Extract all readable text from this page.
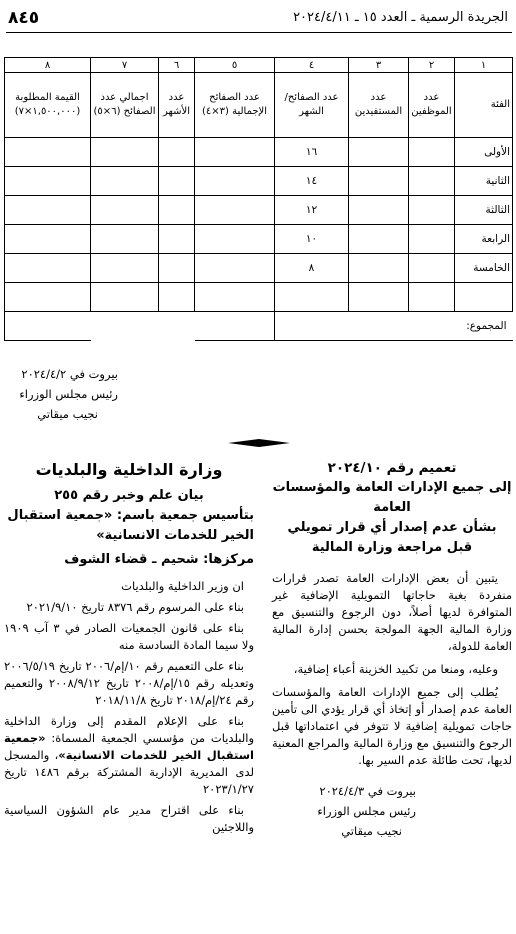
الجريدة الرسمية ـ العدد ١٥ ـ ٢٠٢٤/٤/١١
٨٤٥
١	٢	٣	٤	٥	٦	٧	٨
الفئة	عدد الموظفين	عدد المستفيدين	عدد الصفائح/الشهر	عدد الصفائح الإجمالية (٣×٤)	عدد الأشهر	اجمالي عدد الصفائح (٦×٥)	القيمة المطلوبة (١,٥٠٠,٠٠٠×٧)
الأولى			١٦				
الثانية			١٤				
الثالثة			١٢				
الرابعة			١٠				
الخامسة			٨				

المجموع:							
بيروت في ٢٠٢٤/٤/٢
رئيس مجلس الوزراء
نجيب ميقاتي
تعميم رقم ٢٠٢٤/١٠
إلى جميع الإدارات العامة والمؤسسات العامة
بشأن عدم إصدار أي قرار تمويلي
قبل مراجعة وزارة المالية

يتبين أن بعض الإدارات العامة تصدر قرارات منفردة بغية حاجاتها التمويلية الإضافية غير المتوافرة لديها أصلاً، دون الرجوع والتنسيق مع وزارة المالية الجهة المولجة بحسن إدارة المالية العامة للدولة،

وعليه، ومنعا من تكبيد الخزينة أعباء إضافية،

يُطلب إلى جميع الإدارات العامة والمؤسسات العامة عدم إصدار أو إتخاذ أي قرار يؤدي الى تأمين حاجات تمويلية إضافية لا تتوفر في اعتماداتها قبل الرجوع والتنسيق مع وزارة المالية والمراجع المعنية لديها، تحت طائلة عدم السير بها.

بيروت في ٢٠٢٤/٤/٣
رئيس مجلس الوزراء
نجيب ميقاتي
وزارة الداخلية والبلديات
بيان علم وخبر رقم ٢٥٥
بتأسيس جمعية باسم: «جمعية استقبال الخير للخدمات الانسانية»
مركزها: شحيم ـ قضاء الشوف

ان وزير الداخلية والبلديات

بناء على المرسوم رقم ٨٣٧٦ تاريخ ٢٠٢١/٩/١٠

بناء على قانون الجمعيات الصادر في ٣ آب ١٩٠٩ ولا سيما المادة السادسة منه

بناء على التعميم رقم ١٠/إم/٢٠٠٦ تاريخ ٢٠٠٦/٥/١٩ وتعديله رقم ١٥/إم/٢٠٠٨ تاريخ ٢٠٠٨/٩/١٢ والتعميم رقم ٢٤/إم/٢٠١٨ تاريخ ٢٠١٨/١١/٨

بناء على الإعلام المقدم إلى وزارة الداخلية والبلديات من مؤسسي الجمعية المسماة: «جمعية استقبال الخير للخدمات الانسانية»، والمسجل لدى المديرية الإدارية المشتركة برقم ١٤٨٦ تاريخ ٢٠٢٣/١/٢٧

بناء على اقتراح مدير عام الشؤون السياسية واللاجئين
